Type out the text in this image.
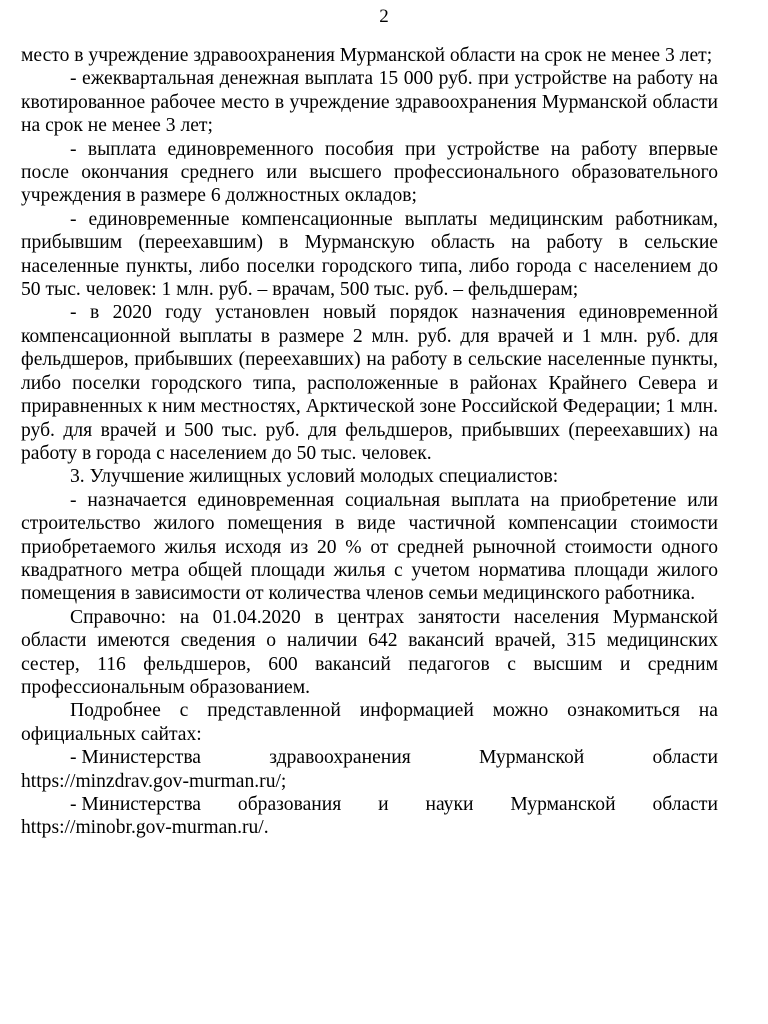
2

место в учреждение здравоохранения Мурманской области на срок не менее 3 лет;

- ежеквартальная денежная выплата 15 000 руб. при устройстве на работу на квотированное рабочее место в учреждение здравоохранения Мурманской области на срок не менее 3 лет;

- выплата единовременного пособия при устройстве на работу впервые после окончания среднего или высшего профессионального образовательного учреждения в размере 6 должностных окладов;

- единовременные компенсационные выплаты медицинским работникам, прибывшим (переехавшим) в Мурманскую область на работу в сельские населенные пункты, либо поселки городского типа, либо города с населением до 50 тыс. человек: 1 млн. руб. – врачам, 500 тыс. руб. – фельдшерам;

- в 2020 году установлен новый порядок назначения единовременной компенсационной выплаты в размере 2 млн. руб. для врачей и 1 млн. руб. для фельдшеров, прибывших (переехавших) на работу в сельские населенные пункты, либо поселки городского типа, расположенные в районах Крайнего Севера и приравненных к ним местностях, Арктической зоне Российской Федерации; 1 млн. руб. для врачей и 500 тыс. руб. для фельдшеров, прибывших (переехавших) на работу в города с населением до 50 тыс. человек.

3. Улучшение жилищных условий молодых специалистов:

- назначается единовременная социальная выплата на приобретение или строительство жилого помещения в виде частичной компенсации стоимости приобретаемого жилья исходя из 20 % от средней рыночной стоимости одного квадратного метра общей площади жилья с учетом норматива площади жилого помещения в зависимости от количества членов семьи медицинского работника.

Справочно: на 01.04.2020 в центрах занятости населения Мурманской области имеются сведения о наличии 642 вакансий врачей, 315 медицинских сестер, 116 фельдшеров, 600 вакансий педагогов с высшим и средним профессиональным образованием.

Подробнее с представленной информацией можно ознакомиться на официальных сайтах:

- Министерства	здравоохранения	Мурманской	области
https://minzdrav.gov-murman.ru/;
- Министерства образования и науки Мурманской области
https://minobr.gov-murman.ru/.
